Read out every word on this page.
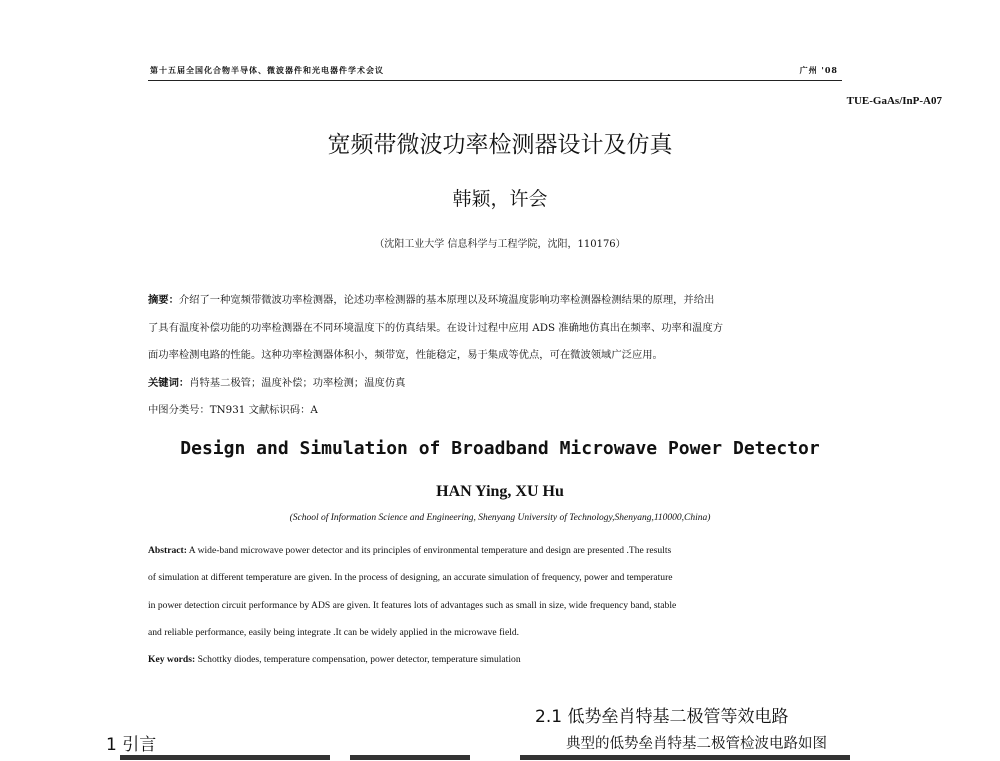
第十五届全国化合物半导体、微波器件和光电器件学术会议	广州 '08
TUE-GaAs/InP-A07
宽频带微波功率检测器设计及仿真
韩颖，许会
（沈阳工业大学 信息科学与工程学院，沈阳，110176）
摘要：介绍了一种宽频带微波功率检测器，论述功率检测器的基本原理以及环境温度影响功率检测器检测结果的原理，并给出
了具有温度补偿功能的功率检测器在不同环境温度下的仿真结果。在设计过程中应用 ADS 准确地仿真出在频率、功率和温度方
面功率检测电路的性能。这种功率检测器体积小，频带宽，性能稳定，易于集成等优点，可在微波领域广泛应用。
关键词：肖特基二极管；温度补偿；功率检测；温度仿真
中图分类号：TN931 文献标识码：A
Design and Simulation of Broadband Microwave Power Detector
HAN Ying, XU Hu
(School of Information Science and Engineering, Shenyang University of Technology,Shenyang,110000,China)
Abstract: A wide-band microwave power detector and its principles of environmental temperature and design are presented .The results
of simulation at different temperature are given. In the process of designing, an accurate simulation of frequency, power and temperature
in power detection circuit performance by ADS are given. It features lots of advantages such as small in size, wide frequency band, stable
and reliable performance, easily being integrate .It can be widely applied in the microwave field.
Key words: Schottky diodes, temperature compensation, power detector, temperature simulation
2.1 低势垒肖特基二极管等效电路
1 引言	典型的低势垒肖特基二极管检波电路如图
